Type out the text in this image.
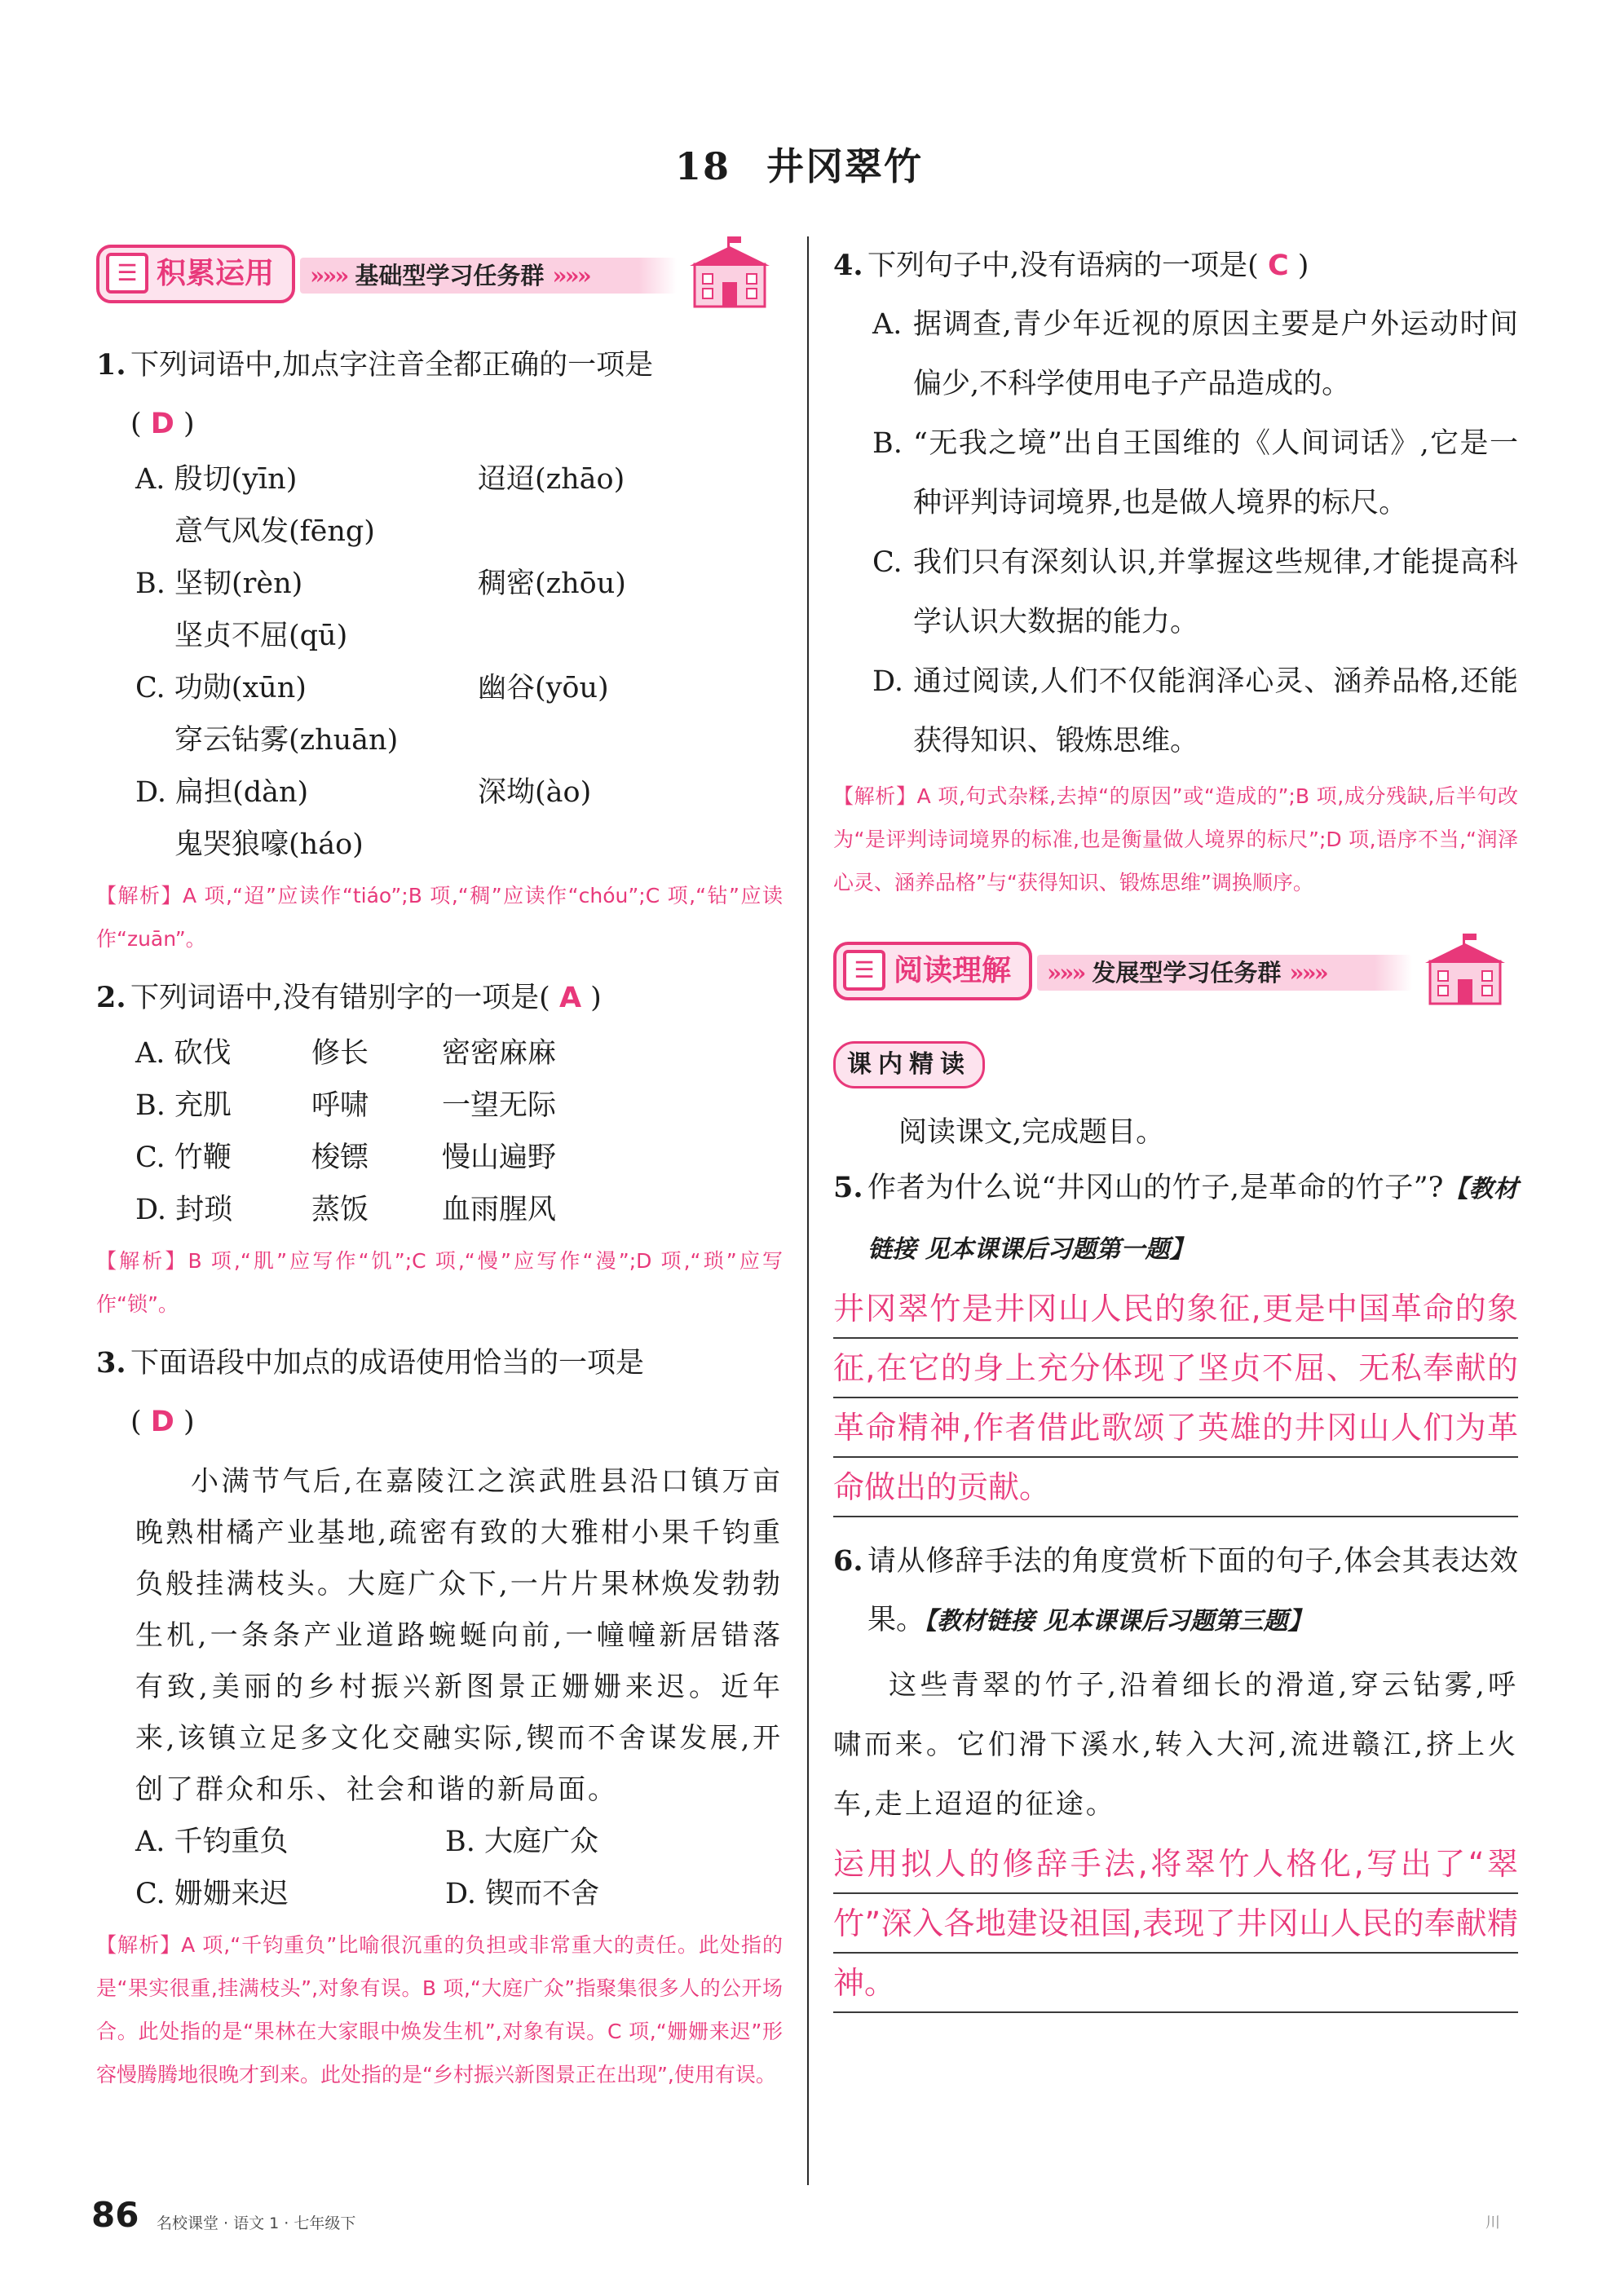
18 井冈翠竹
积累运用
☰	»»» 基础型学习任务群 »»»
1. 下列词语中,加点字注音全都正确的一项是
( D )
A. 殷切(yīn)	迢迢(zhāo)
意气风发(fēng)
B. 坚韧(rèn)	稠密(zhōu)
坚贞不屈(qū)
C. 功勋(xūn)	幽谷(yōu)
穿云钻雾(zhuān)
D. 扁担(dàn)	深坳(ào)
鬼哭狼嚎(háo)
【解析】A 项,“迢”应读作“tiáo”;B 项,“稠”应读作“chóu”;C 项,“钻”应读作“zuān”。
2. 下列词语中,没有错别字的一项是( A )
A. 砍伐	修长	密密麻麻
B. 充肌	呼啸	一望无际
C. 竹鞭	梭镖	慢山遍野
D. 封琐	蒸饭	血雨腥风
【解析】B 项,“肌”应写作“饥”;C 项,“慢”应写作“漫”;D 项,“琐”应写作“锁”。
3. 下面语段中加点的成语使用恰当的一项是
( D )

小满节气后,在嘉陵江之滨武胜县沿口镇万亩晚熟柑橘产业基地,疏密有致的大雅柑小果千钧重负般挂满枝头。大庭广众下,一片片果林焕发勃勃生机,一条条产业道路蜿蜒向前,一幢幢新居错落有致,美丽的乡村振兴新图景正姗姗来迟。近年来,该镇立足多文化交融实际,锲而不舍谋发展,开创了群众和乐、社会和谐的新局面。

A. 千钧重负	B. 大庭广众
C. 姗姗来迟	D. 锲而不舍
【解析】A 项,“千钧重负”比喻很沉重的负担或非常重大的责任。此处指的是“果实很重,挂满枝头”,对象有误。B 项,“大庭广众”指聚集很多人的公开场合。此处指的是“果林在大家眼中焕发生机”,对象有误。C 项,“姗姗来迟”形容慢腾腾地很晚才到来。此处指的是“乡村振兴新图景正在出现”,使用有误。
4. 下列句子中,没有语病的一项是( C )
A. 据调查,青少年近视的原因主要是户外运动时间偏少,不科学使用电子产品造成的。
B. “无我之境”出自王国维的《人间词话》,它是一种评判诗词境界,也是做人境界的标尺。
C. 我们只有深刻认识,并掌握这些规律,才能提高科学认识大数据的能力。
D. 通过阅读,人们不仅能润泽心灵、涵养品格,还能获得知识、锻炼思维。
【解析】A 项,句式杂糅,去掉“的原因”或“造成的”;B 项,成分残缺,后半句改为“是评判诗词境界的标准,也是衡量做人境界的标尺”;D 项,语序不当,“润泽心灵、涵养品格”与“获得知识、锻炼思维”调换顺序。
阅读理解
☰	»»» 发展型学习任务群 »»»
课内精读
阅读课文,完成题目。
5. 作者为什么说“井冈山的竹子,是革命的竹子”?【教材链接 见本课课后习题第一题】

井冈翠竹是井冈山人民的象征,更是中国革命的象征,在它的身上充分体现了坚贞不屈、无私奉献的革命精神,作者借此歌颂了英雄的井冈山人们为革命做出的贡献。

6. 请从修辞手法的角度赏析下面的句子,体会其表达效果。【教材链接 见本课课后习题第三题】

这些青翠的竹子,沿着细长的滑道,穿云钻雾,呼啸而来。它们滑下溪水,转入大河,流进赣江,挤上火车,走上迢迢的征途。

运用拟人的修辞手法,将翠竹人格化,写出了“翠竹”深入各地建设祖国,表现了井冈山人民的奉献精神。

86 名校课堂 · 语文 1 · 七年级下	川
